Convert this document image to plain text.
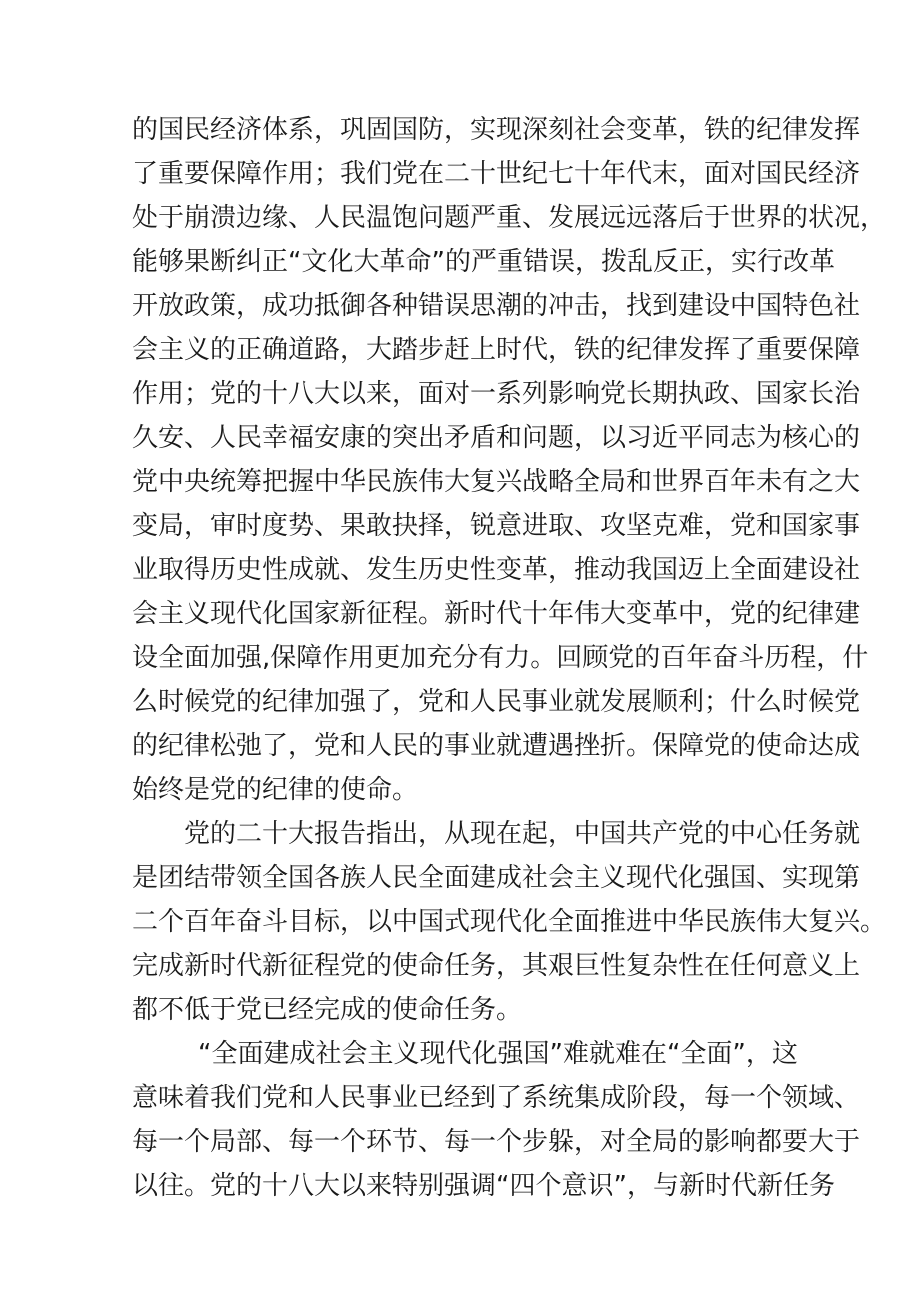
的国民经济体系，巩固国防，实现深刻社会变革，铁的纪律发挥
了重要保障作用；我们党在二十世纪七十年代末，面对国民经济
处于崩溃边缘、人民温饱问题严重、发展远远落后于世界的状况，
能够果断纠正“文化大革命”的严重错误，拨乱反正，实行改革
开放政策，成功抵御各种错误思潮的冲击，找到建设中国特色社
会主义的正确道路，大踏步赶上时代，铁的纪律发挥了重要保障
作用；党的十八大以来，面对一系列影响党长期执政、国家长治
久安、人民幸福安康的突出矛盾和问题，以习近平同志为核心的
党中央统筹把握中华民族伟大复兴战略全局和世界百年未有之大
变局，审时度势、果敢抉择，锐意进取、攻坚克难，党和国家事
业取得历史性成就、发生历史性变革，推动我国迈上全面建设社
会主义现代化国家新征程。新时代十年伟大变革中，党的纪律建
设全面加强,保障作用更加充分有力。回顾党的百年奋斗历程，什
么时候党的纪律加强了，党和人民事业就发展顺利；什么时候党
的纪律松弛了，党和人民的事业就遭遇挫折。保障党的使命达成
始终是党的纪律的使命。
党的二十大报告指出，从现在起，中国共产党的中心任务就
是团结带领全国各族人民全面建成社会主义现代化强国、实现第
二个百年奋斗目标，以中国式现代化全面推进中华民族伟大复兴。
完成新时代新征程党的使命任务，其艰巨性复杂性在任何意义上
都不低于党已经完成的使命任务。
“全面建成社会主义现代化强国”难就难在“全面”，这
意味着我们党和人民事业已经到了系统集成阶段，每一个领域、
每一个局部、每一个环节、每一个步躲，对全局的影响都要大于
以往。党的十八大以来特别强调“四个意识”，与新时代新任务
